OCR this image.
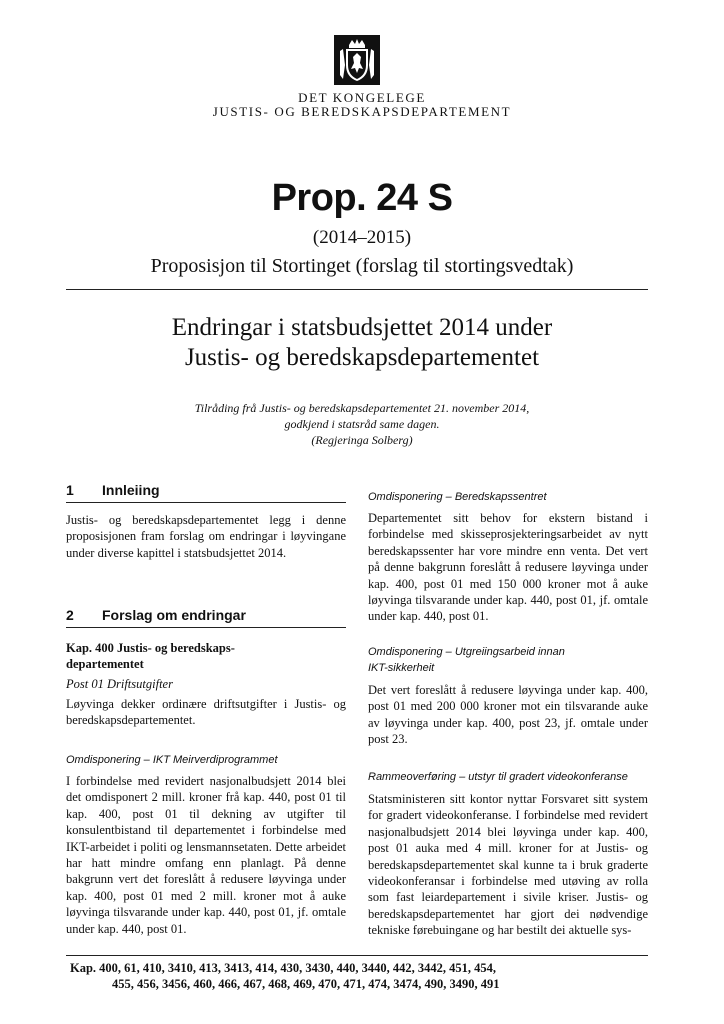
DET KONGELEGE
JUSTIS- OG BEREDSKAPSDEPARTEMENT
Prop. 24 S
(2014–2015)
Proposisjon til Stortinget (forslag til stortingsvedtak)
Endringar i statsbudsjettet 2014 under
Justis- og beredskapsdepartementet
Tilråding frå Justis- og beredskapsdepartementet 21. november 2014,
godkjend i statsråd same dagen.
(Regjeringa Solberg)
1 Innleiing

Justis- og beredskapsdepartementet legg i denne proposisjonen fram forslag om endringar i løyvingane under diverse kapittel i statsbudsjettet 2014.

2 Forslag om endringar
Kap. 400 Justis- og beredskaps-
departementet
Post 01 Driftsutgifter

Løyvinga dekker ordinære driftsutgifter i Justis- og beredskapsdepartementet.

Omdisponering – IKT Meirverdiprogrammet

I forbindelse med revidert nasjonalbudsjett 2014 blei det omdisponert 2 mill. kroner frå kap. 440, post 01 til kap. 400, post 01 til dekning av utgifter til konsulentbistand til departementet i forbindelse med IKT-arbeidet i politi og lensmannsetaten. Dette arbeidet har hatt mindre omfang enn planlagt. På denne bakgrunn vert det foreslått å redusere løyvinga under kap. 400, post 01 med 2 mill. kroner mot å auke løyvinga tilsvarande under kap. 440, post 01, jf. omtale under kap. 440, post 01.

Omdisponering – Beredskapssentret

Departementet sitt behov for ekstern bistand i forbindelse med skisseprosjekteringsarbeidet av nytt beredskapssenter har vore mindre enn venta. Det vert på denne bakgrunn foreslått å redusere løyvinga under kap. 400, post 01 med 150 000 kroner mot å auke løyvinga tilsvarande under kap. 440, post 01, jf. omtale under kap. 440, post 01.

Omdisponering – Utgreiingsarbeid innan
IKT-sikkerheit

Det vert foreslått å redusere løyvinga under kap. 400, post 01 med 200 000 kroner mot ein tilsvarande auke av løyvinga under kap. 400, post 23, jf. omtale under post 23.

Rammeoverføring – utstyr til gradert videokonferanse

Statsministeren sitt kontor nyttar Forsvaret sitt system for gradert videokonferanse. I forbindelse med revidert nasjonalbudsjett 2014 blei løyvinga under kap. 400, post 01 auka med 4 mill. kroner for at Justis- og beredskapsdepartementet skal kunne ta i bruk graderte videokonferansar i forbindelse med utøving av rolla som fast leiardepartement i sivile kriser. Justis- og beredskapsdepartementet har gjort dei nødvendige tekniske førebuingane og har bestilt dei aktuelle sys-

Kap. 400, 61, 410, 3410, 413, 3413, 414, 430, 3430, 440, 3440, 442, 3442, 451, 454,
455, 456, 3456, 460, 466, 467, 468, 469, 470, 471, 474, 3474, 490, 3490, 491
